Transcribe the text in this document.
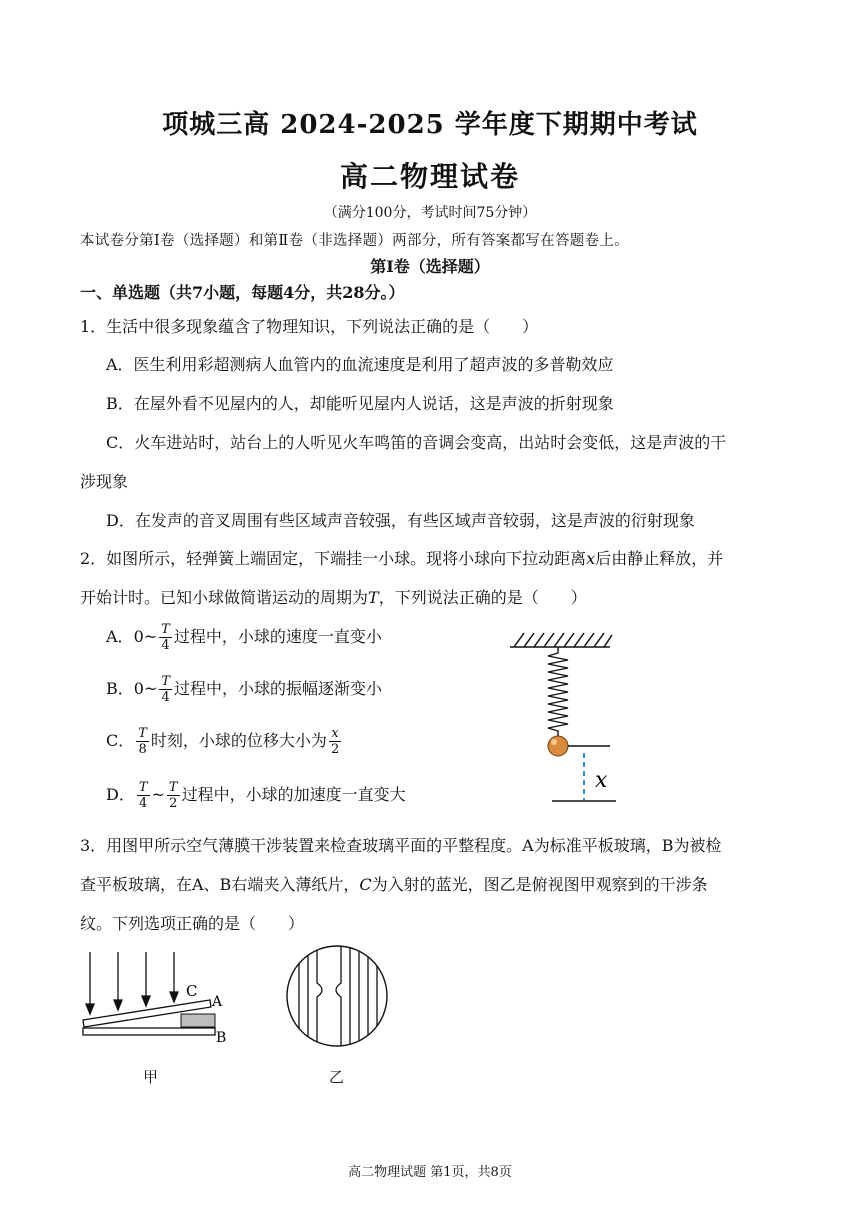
项城三高 2024-2025 学年度下期期中考试
高二物理试卷
（满分100分，考试时间75分钟）
本试卷分第Ⅰ卷（选择题）和第Ⅱ卷（非选择题）两部分，所有答案都写在答题卷上。
第Ⅰ卷（选择题）
一、单选题（共7小题，每题4分，共28分。）
1．生活中很多现象蕴含了物理知识，下列说法正确的是（　　）
A．医生利用彩超测病人血管内的血流速度是利用了超声波的多普勒效应
B．在屋外看不见屋内的人，却能听见屋内人说话，这是声波的折射现象
C．火车进站时，站台上的人听见火车鸣笛的音调会变高，出站时会变低，这是声波的干
涉现象
D．在发声的音叉周围有些区域声音较强，有些区域声音较弱，这是声波的衍射现象
2．如图所示，轻弹簧上端固定，下端挂一小球。现将小球向下拉动距离x后由静止释放，并
开始计时。已知小球做简谐运动的周期为T，下列说法正确的是（　　）
A．0~ $\frac{T}{4}$ 过程中，小球的速度一直变小
B．0~ $\frac{T}{4}$ 过程中，小球的振幅逐渐变小
C． $\frac{T}{8}$ 时刻，小球的位移大小为 $\frac{x}{2}$
D． $\frac{T}{4}$ ~ $\frac{T}{2}$ 过程中，小球的加速度一直变大
x
3．用图甲所示空气薄膜干涉装置来检查玻璃平面的平整程度。A为标准平板玻璃，B为被检
查平板玻璃，在A、B右端夹入薄纸片，C为入射的蓝光，图乙是俯视图甲观察到的干涉条
纹。下列选项正确的是（　　）
C
A
B
甲	乙
高二物理试题 第1页，共8页
